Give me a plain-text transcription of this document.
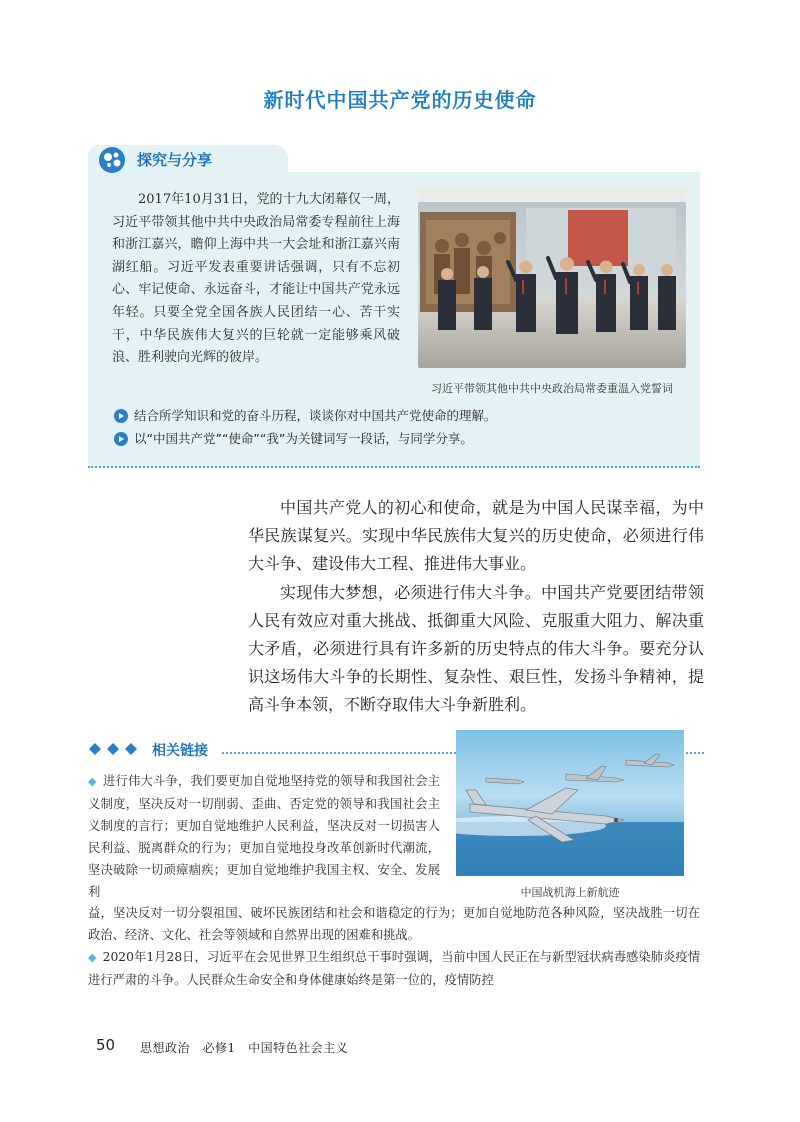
新时代中国共产党的历史使命
探究与分享
2017年10月31日，党的十九大闭幕仅一周，习近平带领其他中共中央政治局常委专程前往上海和浙江嘉兴，瞻仰上海中共一大会址和浙江嘉兴南湖红船。习近平发表重要讲话强调，只有不忘初心、牢记使命、永远奋斗，才能让中国共产党永远年轻。只要全党全国各族人民团结一心、苦干实干，中华民族伟大复兴的巨轮就一定能够乘风破浪、胜利驶向光辉的彼岸。
习近平带领其他中共中央政治局常委重温入党誓词
结合所学知识和党的奋斗历程，谈谈你对中国共产党使命的理解。
以“中国共产党”“使命”“我”为关键词写一段话，与同学分享。

中国共产党人的初心和使命，就是为中国人民谋幸福，为中华民族谋复兴。实现中华民族伟大复兴的历史使命，必须进行伟大斗争、建设伟大工程、推进伟大事业。

实现伟大梦想，必须进行伟大斗争。中国共产党要团结带领人民有效应对重大挑战、抵御重大风险、克服重大阻力、解决重大矛盾，必须进行具有许多新的历史特点的伟大斗争。要充分认识这场伟大斗争的长期性、复杂性、艰巨性，发扬斗争精神，提高斗争本领，不断夺取伟大斗争新胜利。

相关链接
中国战机海上新航迹
◆  进行伟大斗争，我们要更加自觉地坚持党的领导和我国社会主义制度，坚决反对一切削弱、歪曲、否定党的领导和我国社会主义制度的言行；更加自觉地维护人民利益，坚决反对一切损害人民利益、脱离群众的行为；更加自觉地投身改革创新时代潮流，坚决破除一切顽瘴痼疾；更加自觉地维护我国主权、安全、发展利

益，坚决反对一切分裂祖国、破坏民族团结和社会和谐稳定的行为；更加自觉地防范各种风险，坚决战胜一切在政治、经济、文化、社会等领域和自然界出现的困难和挑战。

◆  2020年1月28日，习近平在会见世界卫生组织总干事时强调，当前中国人民正在与新型冠状病毒感染肺炎疫情进行严肃的斗争。人民群众生命安全和身体健康始终是第一位的，疫情防控

50 思想政治　必修1　中国特色社会主义
